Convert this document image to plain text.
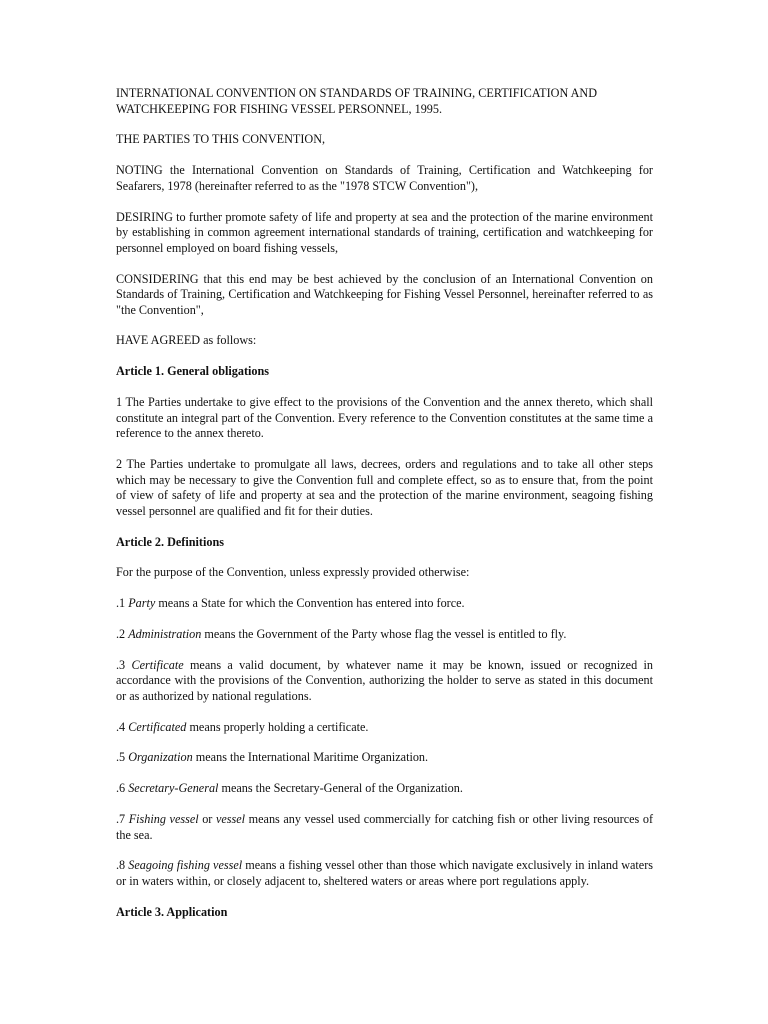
INTERNATIONAL CONVENTION ON STANDARDS OF TRAINING, CERTIFICATION AND WATCHKEEPING FOR FISHING VESSEL PERSONNEL, 1995.

THE PARTIES TO THIS CONVENTION,

NOTING the International Convention on Standards of Training, Certification and Watchkeeping for Seafarers, 1978 (hereinafter referred to as the "1978 STCW Convention"),

DESIRING to further promote safety of life and property at sea and the protection of the marine environment by establishing in common agreement international standards of training, certification and watchkeeping for personnel employed on board fishing vessels,

CONSIDERING that this end may be best achieved by the conclusion of an International Convention on Standards of Training, Certification and Watchkeeping for Fishing Vessel Personnel, hereinafter referred to as "the Convention",

HAVE AGREED as follows:

Article 1. General obligations

1 The Parties undertake to give effect to the provisions of the Convention and the annex thereto, which shall constitute an integral part of the Convention. Every reference to the Convention constitutes at the same time a reference to the annex thereto.

2 The Parties undertake to promulgate all laws, decrees, orders and regulations and to take all other steps which may be necessary to give the Convention full and complete effect, so as to ensure that, from the point of view of safety of life and property at sea and the protection of the marine environment, seagoing fishing vessel personnel are qualified and fit for their duties.

Article 2. Definitions

For the purpose of the Convention, unless expressly provided otherwise:

.1 Party means a State for which the Convention has entered into force.

.2 Administration means the Government of the Party whose flag the vessel is entitled to fly.

.3 Certificate means a valid document, by whatever name it may be known, issued or recognized in accordance with the provisions of the Convention, authorizing the holder to serve as stated in this document or as authorized by national regulations.

.4 Certificated means properly holding a certificate.

.5 Organization means the International Maritime Organization.

.6 Secretary-General means the Secretary-General of the Organization.

.7 Fishing vessel or vessel means any vessel used commercially for catching fish or other living resources of the sea.

.8 Seagoing fishing vessel means a fishing vessel other than those which navigate exclusively in inland waters or in waters within, or closely adjacent to, sheltered waters or areas where port regulations apply.

Article 3. Application
